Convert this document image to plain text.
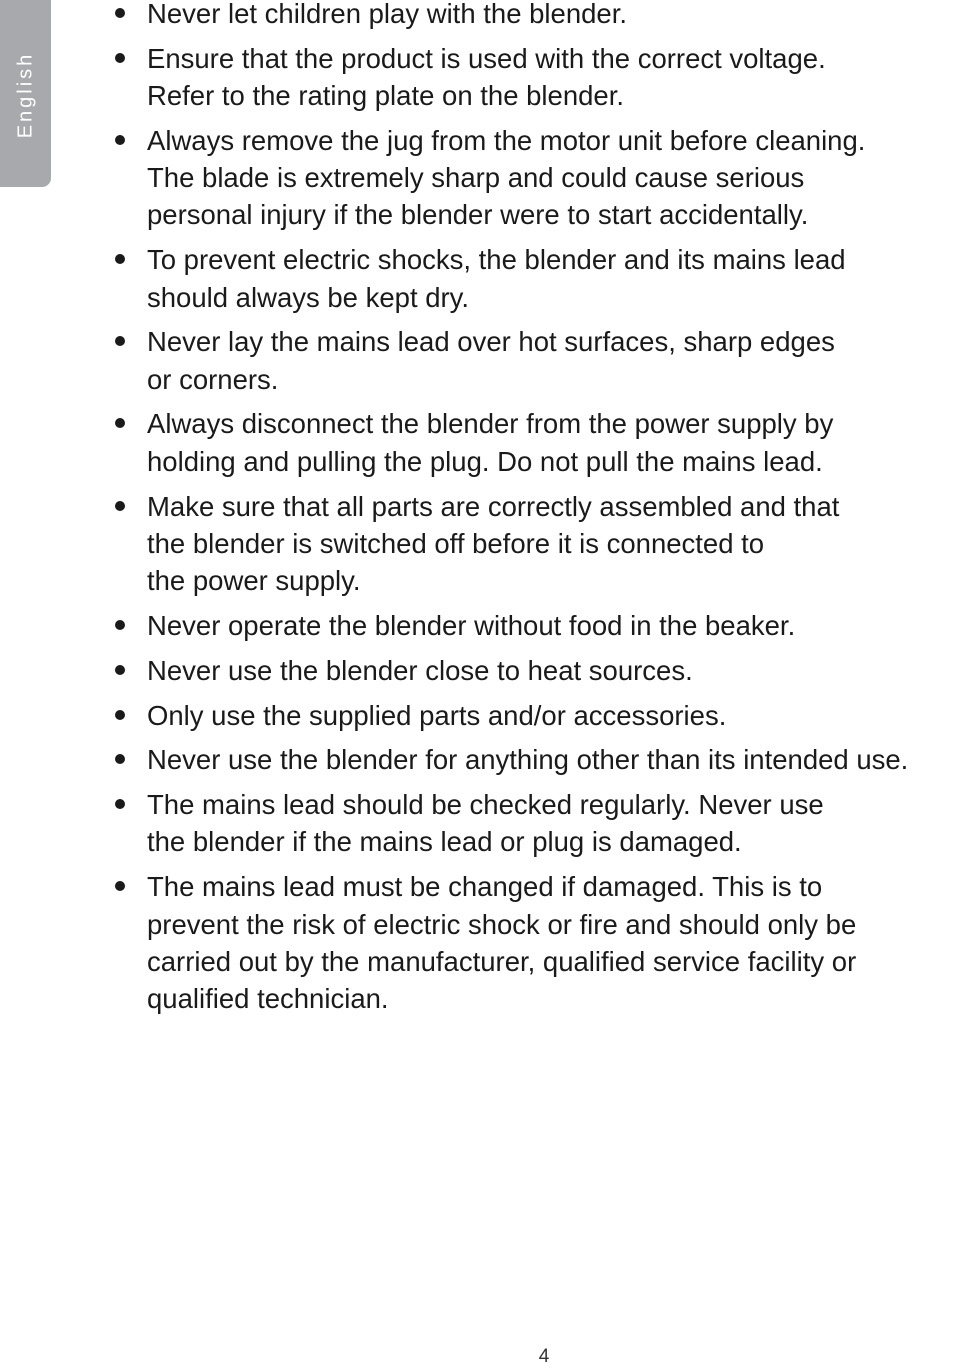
English
Never let children play with the blender.
Ensure that the product is used with the correct voltage.
Refer to the rating plate on the blender.
Always remove the jug from the motor unit before cleaning.
The blade is extremely sharp and could cause serious
personal injury if the blender were to start accidentally.
To prevent electric shocks, the blender and its mains lead
should always be kept dry.
Never lay the mains lead over hot surfaces, sharp edges
or corners.
Always disconnect the blender from the power supply by
holding and pulling the plug. Do not pull the mains lead.
Make sure that all parts are correctly assembled and that
the blender is switched off before it is connected to
the power supply.
Never operate the blender without food in the beaker.
Never use the blender close to heat sources.
Only use the supplied parts and/or accessories.
Never use the blender for anything other than its intended use.
The mains lead should be checked regularly. Never use
the blender if the mains lead or plug is damaged.
The mains lead must be changed if damaged. This is to
prevent the risk of electric shock or fire and should only be
carried out by the manufacturer, qualified service facility or
qualified technician.
4
